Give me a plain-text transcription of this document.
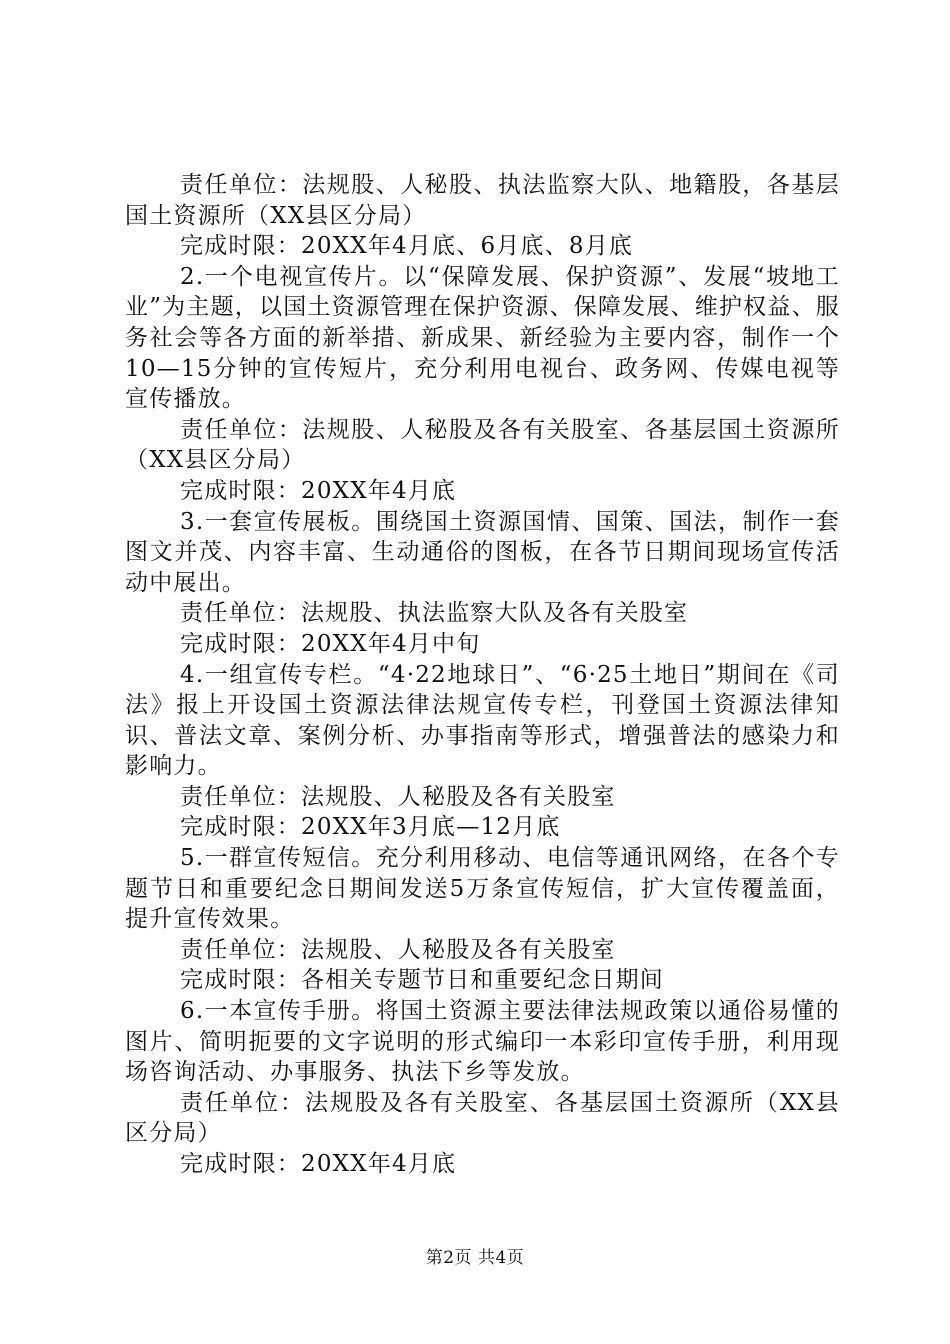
责任单位：法规股、人秘股、执法监察大队、地籍股，各基层国土资源所（XX县区分局）

完成时限：20XX年4月底、6月底、8月底

2.一个电视宣传片。以“保障发展、保护资源”、发展“坡地工业”为主题，以国土资源管理在保护资源、保障发展、维护权益、服务社会等各方面的新举措、新成果、新经验为主要内容，制作一个10—15分钟的宣传短片，充分利用电视台、政务网、传媒电视等宣传播放。

责任单位：法规股、人秘股及各有关股室、各基层国土资源所（XX县区分局）

完成时限：20XX年4月底

3.一套宣传展板。围绕国土资源国情、国策、国法，制作一套图文并茂、内容丰富、生动通俗的图板，在各节日期间现场宣传活动中展出。

责任单位：法规股、执法监察大队及各有关股室

完成时限：20XX年4月中旬

4.一组宣传专栏。“4·22地球日”、“6·25土地日”期间在《司法》报上开设国土资源法律法规宣传专栏，刊登国土资源法律知识、普法文章、案例分析、办事指南等形式，增强普法的感染力和影响力。

责任单位：法规股、人秘股及各有关股室

完成时限：20XX年3月底—12月底

5.一群宣传短信。充分利用移动、电信等通讯网络，在各个专题节日和重要纪念日期间发送5万条宣传短信，扩大宣传覆盖面，提升宣传效果。

责任单位：法规股、人秘股及各有关股室

完成时限：各相关专题节日和重要纪念日期间

6.一本宣传手册。将国土资源主要法律法规政策以通俗易懂的图片、简明扼要的文字说明的形式编印一本彩印宣传手册，利用现场咨询活动、办事服务、执法下乡等发放。

责任单位：法规股及各有关股室、各基层国土资源所（XX县区分局）

完成时限：20XX年4月底

第2页 共4页
